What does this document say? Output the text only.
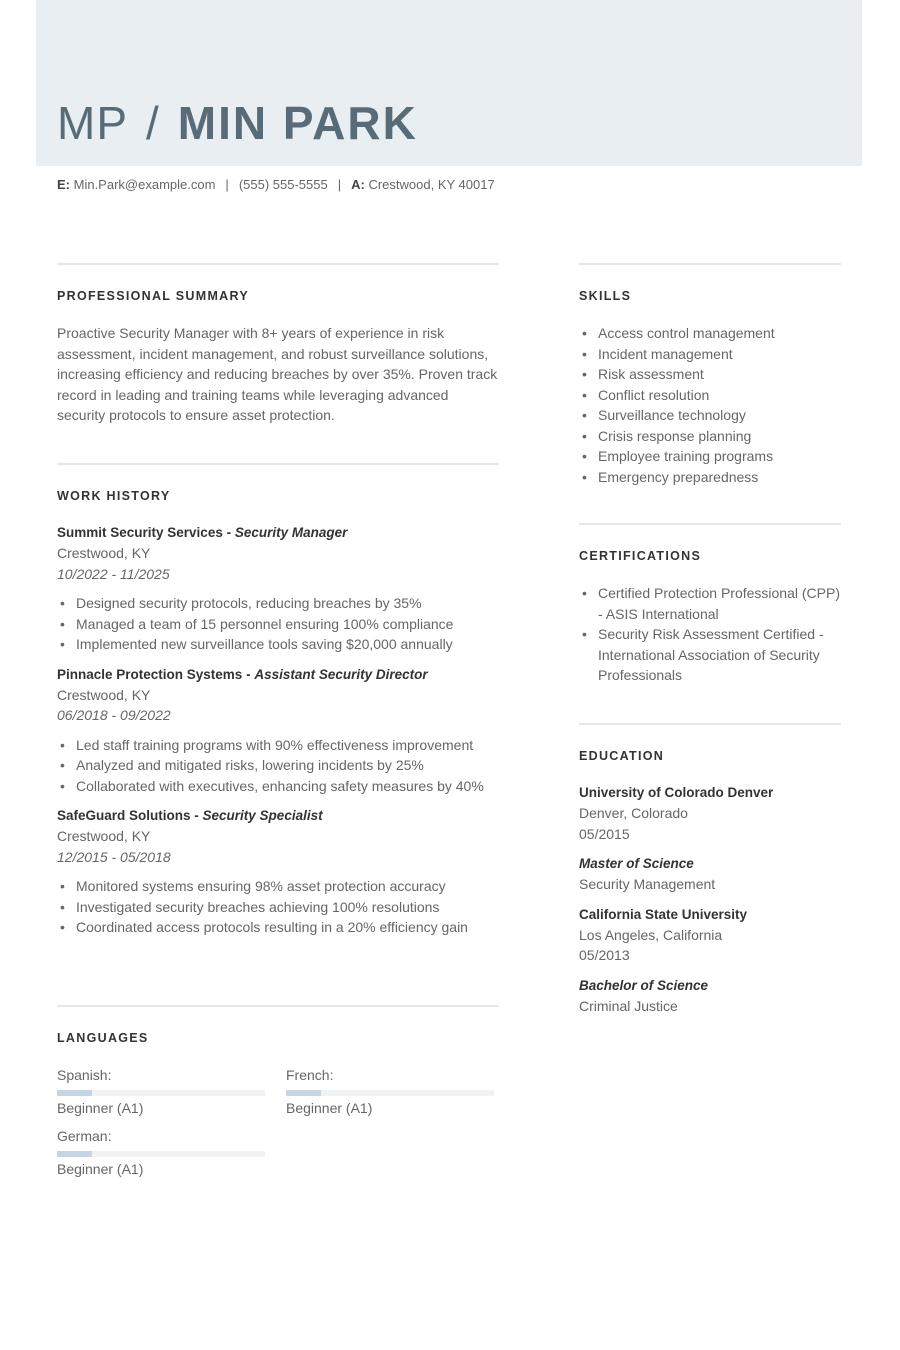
MP / MIN PARK
E: Min.Park@example.com | (555) 555-5555 | A: Crestwood, KY 40017
PROFESSIONAL SUMMARY

Proactive Security Manager with 8+ years of experience in risk assessment, incident management, and robust surveillance solutions, increasing efficiency and reducing breaches by over 35%. Proven track record in leading and training teams while leveraging advanced security protocols to ensure asset protection.

WORK HISTORY
Summit Security Services - Security Manager
Crestwood, KY
10/2022 - 11/2025
• Designed security protocols, reducing breaches by 35%
• Managed a team of 15 personnel ensuring 100% compliance
• Implemented new surveillance tools saving $20,000 annually
Pinnacle Protection Systems - Assistant Security Director
Crestwood, KY
06/2018 - 09/2022
• Led staff training programs with 90% effectiveness improvement
• Analyzed and mitigated risks, lowering incidents by 25%
• Collaborated with executives, enhancing safety measures by 40%
SafeGuard Solutions - Security Specialist
Crestwood, KY
12/2015 - 05/2018
• Monitored systems ensuring 98% asset protection accuracy
• Investigated security breaches achieving 100% resolutions
• Coordinated access protocols resulting in a 20% efficiency gain
LANGUAGES
Spanish:
Beginner (A1)
French:
Beginner (A1)
German:
Beginner (A1)
SKILLS
• Access control management
• Incident management
• Risk assessment
• Conflict resolution
• Surveillance technology
• Crisis response planning
• Employee training programs
• Emergency preparedness
CERTIFICATIONS
• Certified Protection Professional (CPP) - ASIS International
• Security Risk Assessment Certified - International Association of Security Professionals
EDUCATION
University of Colorado Denver
Denver, Colorado
05/2015
Master of Science
Security Management
California State University
Los Angeles, California
05/2013
Bachelor of Science
Criminal Justice
